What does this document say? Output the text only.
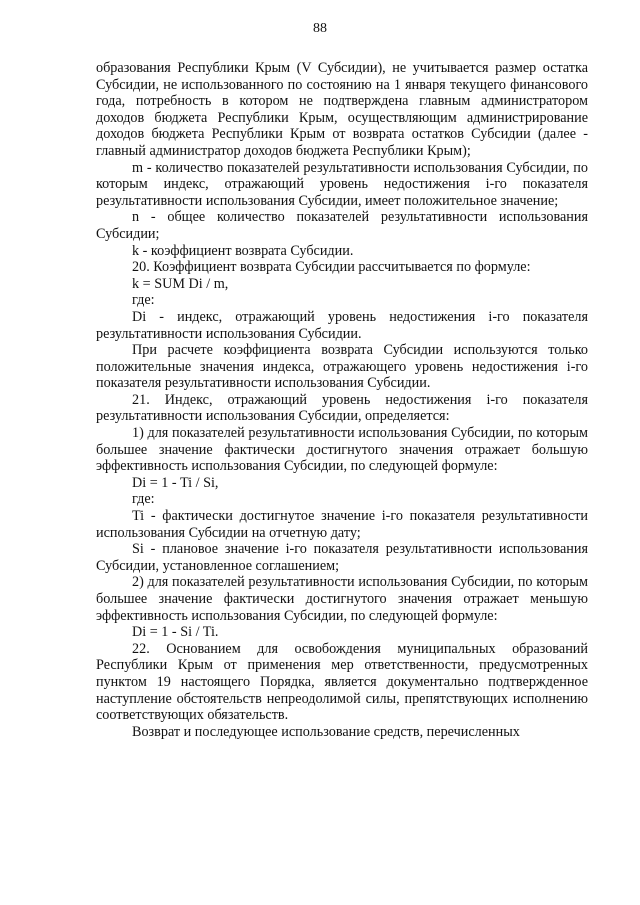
88

образования Республики Крым (V Субсидии), не учитывается размер остатка Субсидии, не использованного по состоянию на 1 января текущего финансового года, потребность в котором не подтверждена главным администратором доходов бюджета Республики Крым, осуществляющим администрирование доходов бюджета Республики Крым от возврата остатков Субсидии (далее - главный администратор доходов бюджета Республики Крым);

m - количество показателей результативности использования Субсидии, по которым индекс, отражающий уровень недостижения i-го показателя результативности использования Субсидии, имеет положительное значение;

n - общее количество показателей результативности использования Субсидии;

k - коэффициент возврата Субсидии.

20. Коэффициент возврата Субсидии рассчитывается по формуле:

k = SUM Di / m,

где:

Di - индекс, отражающий уровень недостижения i-го показателя результативности использования Субсидии.

При расчете коэффициента возврата Субсидии используются только положительные значения индекса, отражающего уровень недостижения i-го показателя результативности использования Субсидии.

21. Индекс, отражающий уровень недостижения i-го показателя результативности использования Субсидии, определяется:

1) для показателей результативности использования Субсидии, по которым большее значение фактически достигнутого значения отражает большую эффективность использования Субсидии, по следующей формуле:

Di = 1 - Ti / Si,

где:

Ti - фактически достигнутое значение i-го показателя результативности использования Субсидии на отчетную дату;

Si - плановое значение i-го показателя результативности использования Субсидии, установленное соглашением;

2) для показателей результативности использования Субсидии, по которым большее значение фактически достигнутого значения отражает меньшую эффективность использования Субсидии, по следующей формуле:

Di = 1 - Si / Ti.

22. Основанием для освобождения муниципальных образований Республики Крым от применения мер ответственности, предусмотренных пунктом 19 настоящего Порядка, является документально подтвержденное наступление обстоятельств непреодолимой силы, препятствующих исполнению соответствующих обязательств.

Возврат и последующее использование средств, перечисленных
